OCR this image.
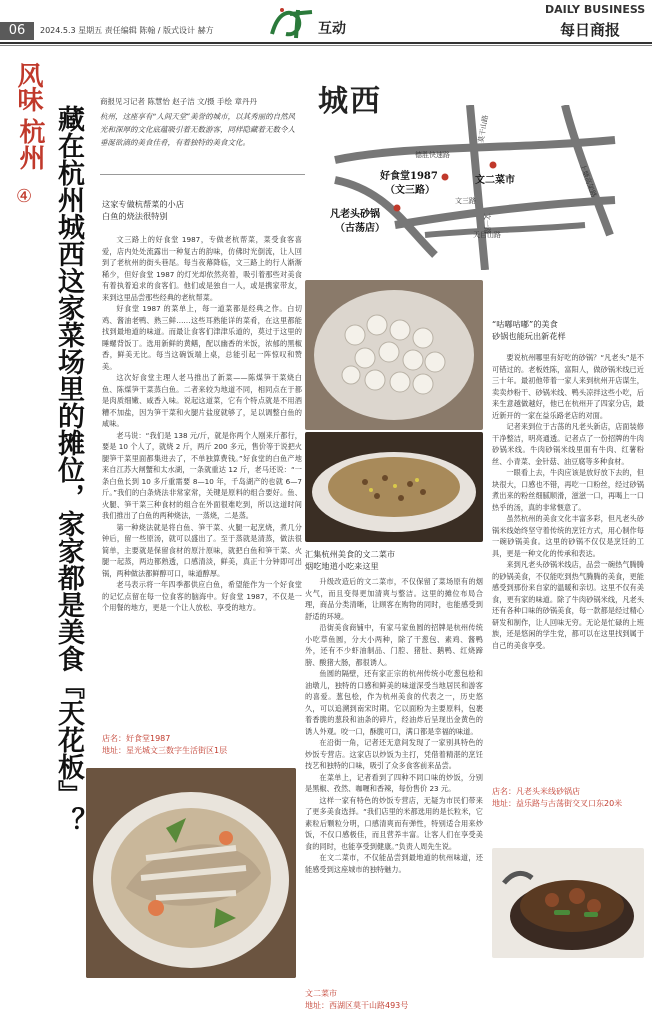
06	2024.5.3 星期五 责任编辑 陈翰 / 版式设计 赫方	互动
DAILY BUSINESS
每日商报
风味
杭州
④ 藏在杭州城西这家菜场里的摊位，家家都是美食『天花板』？
商报见习记者 陈慧怡 赵子洁 文/摄 手绘 章丹丹
杭州，这座享有“人间天堂”美誉的城市，以其秀丽的自然风光和深厚的文化底蕴吸引着无数游客，同样隐藏着无数令人垂涎欲滴的美食佳肴，有着独特的美食文化。
这家专做杭帮菜的小店
白鱼的烧法很特别

文三路上的好食堂 1987，专做老杭帮菜，菜受食客喜爱，店内处处流露出一种复古的韵味，仿佛时光倒流，让人回到了老杭州的街头巷尾。每当夜幕降临，文三路上的行人渐渐稀少，但好食堂 1987 的灯光却依然亮着，吸引着那些对美食有着执着追求的食客们。他们或是独自一人，或是携家带友，来到这里品尝那些经典的老杭帮菜。

好食堂 1987 的菜单上，每一道菜都是经典之作。白切鸡、酱油老鸭、熟三鲜……这些耳熟能详的菜肴，在这里都能找到最地道的味道。而最让食客们津津乐道的，莫过于这里的睡螺背饭丁。选用新鲜的黄鳝，配以幽香的米饭，浓郁的黑椒香，鲜美无比。每当这碗饭端上桌，总能引起一阵惊叹和赞美。

这次好食堂主理人老马推出了新菜——陈煤笋干菜烧白鱼、陈煤笋干菜蒸白鱼。二者来较为地道不同，相同点在于都是肉质细嫩、咸香入味。说起这道菜，它有个特点就是不用酒糟不加盐，因为笋干菜和火腿片盐度就够了，足以调整白鱼的咸味。

老马说：“我们是 138 元/斤，就是你两个人刚来斤都行，要是 10 个人了，就烧 2 斤，两斤 200 多元，售价等于说把火腿笋干菜里面都集进去了，不单独算费钱。”好食堂的白鱼产地来自江苏大闸蟹和太水湖，一条就重达 12 斤，老马还说：“一条白鱼长到 10 多斤重需要 8—10 年，千岛湖产的也就 6—7 斤。”我们的白条烧法非常家常，关键是原料的组合要好。鱼、火腿、笋干菜三种食材的组合在外面很难吃到，所以这道时间我们推出了白鱼的两种烧法，一蒸烧，二是蒸。

第一种烧法就是将白鱼、笋干菜、火腿一起烹烧，煮几分钟后，留一些原汤，就可以盛出了。至于蒸就是清蒸，做法很简单，主要就是保留食材的原汁原味，就把白鱼和笋干菜、火腿一起蒸，两边都熟透，口感清淡，鲜美，真正十分钟即可出锅，两种做法都鲜醇可口，味道醇厚。

老马表示将一年四季都供应白鱼，希望能作为一个好食堂的记忆点留在每一位食客的脑海中。好食堂 1987，不仅是一个用餐的地方，更是一个让人放松、享受的地方。

店名：好食堂1987
地址：星光城文三数字生活街区1层
城西
德胜快速路
莫干山路
上塘高架路
文一路
文三路
天目山路
好食堂1987
（文三路）
文二菜市
凡老头砂锅
（古荡店）
汇集杭州美食的文二菜市
烟吃地道小吃来这里

升级改造后的文二菜市，不仅保留了菜场原有的烟火气，而且变得更加清爽与整洁。这里的摊位布局合理，商品分类清晰，让顾客在购物的同时，也能感受到舒适的环境。

沿街美食商铺中，有家马家鱼圆的招牌是杭州传统小吃草鱼圆，分大小两种，除了干葱包、素鸡、酱鸭外，还有不少虾油制品、门腔、猪肚、鹅鸭、红烧蹄膀、酸猪大肠，都很诱人。

鱼圆的隔壁，还有家正宗的杭州传统小吃葱包桧和油墩儿，独特的口感和鲜美的味道深受当地居民和游客的喜爱。葱包桧，作为杭州美食的代表之一，历史悠久，可以追溯到南宋时期。它以面粉为主要原料，包裹着香脆的葱段和油条的碎片，经油炸后呈现出金黄色的诱人外观。咬一口，酥脆可口，满口都是幸福的味道。

在沿街一角，记者还无意间发现了一家别具特色的炒饭专营店。这家店以炒饭为主打，凭借着精湛的烹饪技艺和独特的口味，吸引了众多食客前来品尝。

在菜单上，记者看到了四种不同口味的炒饭，分别是黑椒、孜然、咖喱和香辣，每份售价 23 元。

这样一家有特色的炒饭专营店，无疑为市民们带来了更多美食选择。“我们店里的米都选用的是长粒米，它素粒后颗粒分明，口感清爽而有弹性，特别适合用来炒饭，不仅口感极佳，而且营养丰富。让客人们在享受美食的同时，也能享受到健康。”负责人周先生说。

在文二菜市，不仅能品尝到最地道的杭州味道，还能感受到这座城市的独特魅力。

文二菜市
地址：西湖区莫干山路493号
“咕嘟咕嘟”的美食
砂锅也能玩出新花样

要说杭州哪里有好吃的砂锅？“凡老头”是不可错过的。老板姓陈，富阳人，做砂锅米线已近三十年。最初他带着一家人来到杭州开店谋生，卖卖炒粉干、砂锅米线、鸭头凉拌这些小吃，后来生意越做越好，他已在杭州开了四家分店，最近新开的一家在益乐路老店的对面。

记者来到位于古荡的凡老头新店，店面装修干净整洁，明亮通透。记者点了一份招牌的牛肉砂锅米线。牛肉砂锅米线里面有牛肉、红薯粉丝、小青菜、金针菇、油豆腐等多种食材。

一眼看上去，牛肉应该是放好放下去的，但块很大，口感也不错，再吃一口粉丝，经过砂锅煮出来的粉丝细腻顺滑，滋滋一口，再喝上一口热乎的汤，真的非常惬意了。

虽然杭州的美食文化丰富多彩，但凡老头砂锅米线始终坚守着传统的烹饪方式，用心制作每一碗砂锅美食。这里的砂锅不仅仅是烹饪的工具，更是一种文化的传承和表达。

来到凡老头砂锅米线店，品尝一碗热气腾腾的砂锅美食，不仅能吃到热气腾腾的美食，更能感受到那份来自家的温暖和亲切。这里不仅有美食，更有家的味道。除了牛肉砂锅米线，凡老头还有各种口味的砂锅美食，每一款都是经过精心研发和制作，让人回味无穷。无论是忙碌的上班族，还是悠闲的学生党，都可以在这里找到属于自己的美食享受。

店名：凡老头米线砂锅店
地址：益乐路与古荡街交叉口东20米
